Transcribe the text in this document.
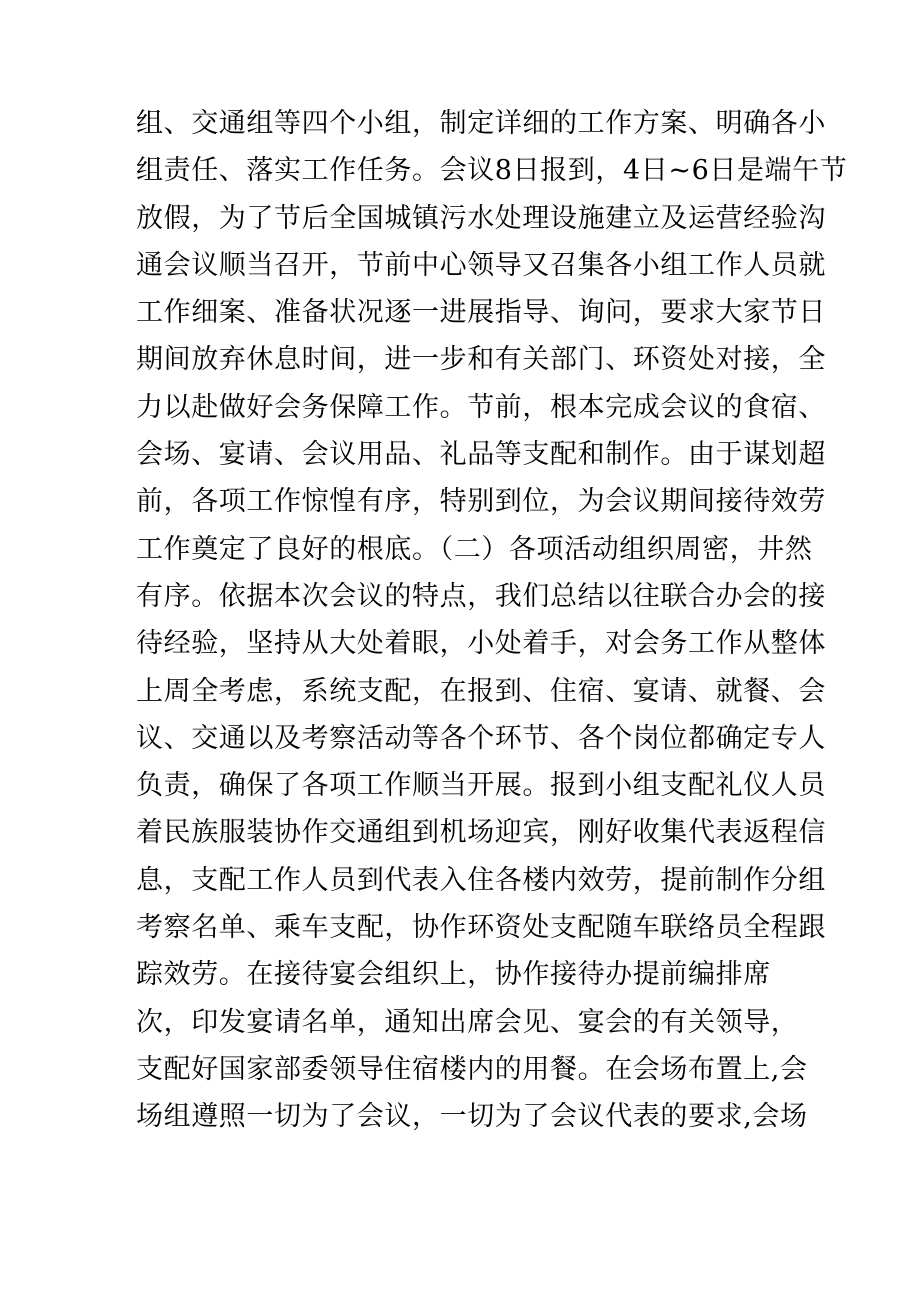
组、交通组等四个小组，制定详细的工作方案、明确各小
组责任、落实工作任务。会议8日报到，4日~6日是端午节
放假，为了节后全国城镇污水处理设施建立及运营经验沟
通会议顺当召开，节前中心领导又召集各小组工作人员就
工作细案、准备状况逐一进展指导、询问，要求大家节日
期间放弃休息时间，进一步和有关部门、环资处对接，全
力以赴做好会务保障工作。节前，根本完成会议的食宿、
会场、宴请、会议用品、礼品等支配和制作。由于谋划超
前，各项工作惊惶有序，特别到位，为会议期间接待效劳
工作奠定了良好的根底。（二）各项活动组织周密，井然
有序。依据本次会议的特点，我们总结以往联合办会的接
待经验，坚持从大处着眼，小处着手，对会务工作从整体
上周全考虑，系统支配，在报到、住宿、宴请、就餐、会
议、交通以及考察活动等各个环节、各个岗位都确定专人
负责，确保了各项工作顺当开展。报到小组支配礼仪人员
着民族服装协作交通组到机场迎宾，刚好收集代表返程信
息，支配工作人员到代表入住各楼内效劳，提前制作分组
考察名单、乘车支配，协作环资处支配随车联络员全程跟
踪效劳。在接待宴会组织上，协作接待办提前编排席
次，印发宴请名单，通知出席会见、宴会的有关领导，
支配好国家部委领导住宿楼内的用餐。在会场布置上,会
场组遵照一切为了会议，一切为了会议代表的要求,会场
